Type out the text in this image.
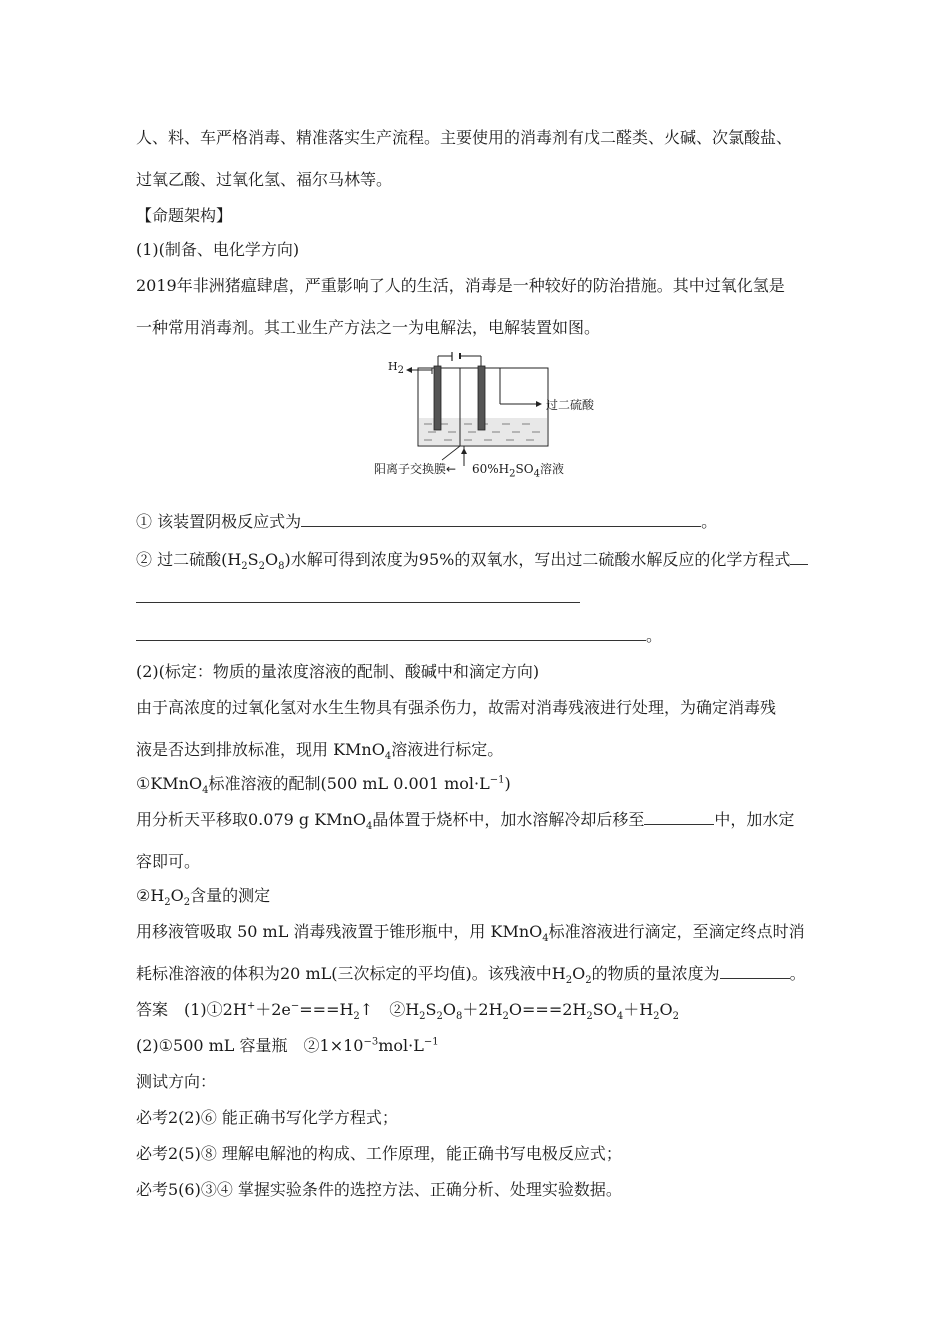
人、料、车严格消毒、精准落实生产流程。主要使用的消毒剂有戊二醛类、火碱、次氯酸盐、
过氧乙酸、过氧化氢、福尔马林等。
【命题架构】
(1)(制备、电化学方向)
2019年非洲猪瘟肆虐，严重影响了人的生活，消毒是一种较好的防治措施。其中过氧化氢是
一种常用消毒剂。其工业生产方法之一为电解法，电解装置如图。
$H_2$
过二硫酸
阳离子交换膜← $60\%H_2SO_4$溶液
① 该装置阴极反应式为	。
② 过二硫酸$(H_2S_2O_8)$水解可得到浓度为95%的双氧水，写出过二硫酸水解反应的化学方程式
。
(2)(标定：物质的量浓度溶液的配制、酸碱中和滴定方向)
由于高浓度的过氧化氢对水生生物具有强杀伤力，故需对消毒残液进行处理，为确定消毒残
液是否达到排放标准，现用 KMnO$_4$溶液进行标定。
①KMnO$_4$标准溶液的配制(500 mL 0.001 $mol\cdot L^{-1}$)
用分析天平移取0.079 g KMnO$_4$晶体置于烧杯中，加水溶解冷却后移至	中，加水定
容即可。
$②H_2O_2$含量的测定
用移液管吸取 50 mL 消毒残液置于锥形瓶中，用 KMnO$_4$标准溶液进行滴定，至滴定终点时消
耗标准溶液的体积为20 mL(三次标定的平均值)。该残液中$H_2O_2$的物质的量浓度为	。
答案　$(1)①2H^++2e^-===H_2↑$　$②H_2S_2O_8+2H_2O===2H_2SO_4+H_2O_2$
(2)①500 mL 容量瓶　$②1\times 10^{-3}mol\cdot L^{-1}$
测试方向：
必考2(2)⑥ 能正确书写化学方程式；
必考2(5)⑧ 理解电解池的构成、工作原理，能正确书写电极反应式；
必考5(6)③④ 掌握实验条件的选控方法、正确分析、处理实验数据。
